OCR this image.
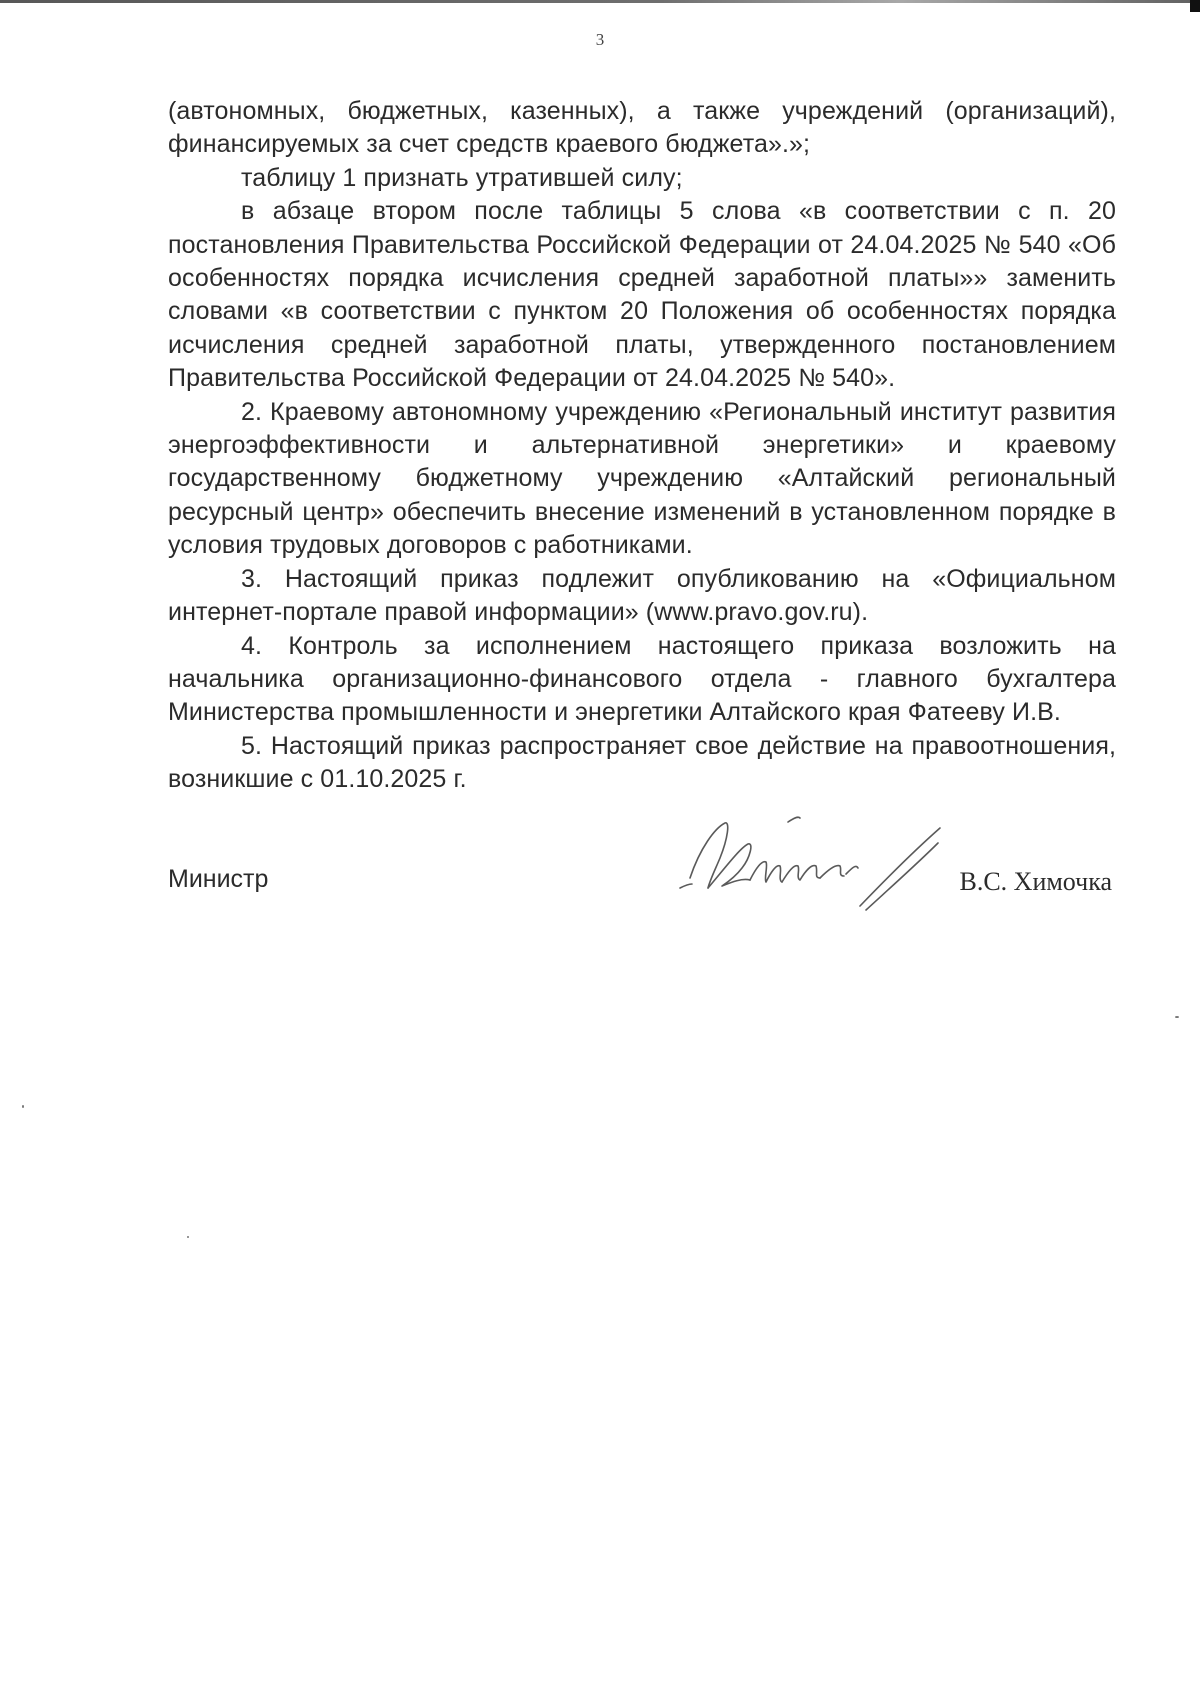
3

(автономных, бюджетных, казенных), а также учреждений (организаций), финансируемых за счет средств краевого бюджета».»;

таблицу 1 признать утратившей силу;

в абзаце втором после таблицы 5 слова «в соответствии с п. 20 постановления Правительства Российской Федерации от 24.04.2025 № 540 «Об особенностях порядка исчисления средней заработной платы»» заменить словами «в соответствии с пунктом 20 Положения об особенностях порядка исчисления средней заработной платы, утвержденного постановлением Правительства Российской Федерации от 24.04.2025 № 540».

2. Краевому автономному учреждению «Региональный институт развития энергоэффективности и альтернативной энергетики» и краевому государственному бюджетному учреждению «Алтайский региональный ресурсный центр» обеспечить внесение изменений в установленном порядке в условия трудовых договоров с работниками.

3. Настоящий приказ подлежит опубликованию на «Официальном интернет-портале правой информации» (www.pravo.gov.ru).

4. Контроль за исполнением настоящего приказа возложить на начальника организационно-финансового отдела - главного бухгалтера Министерства промышленности и энергетики Алтайского края Фатееву И.В.

5. Настоящий приказ распространяет свое действие на правоотношения, возникшие с 01.10.2025 г.

Министр	В.С. Химочка
